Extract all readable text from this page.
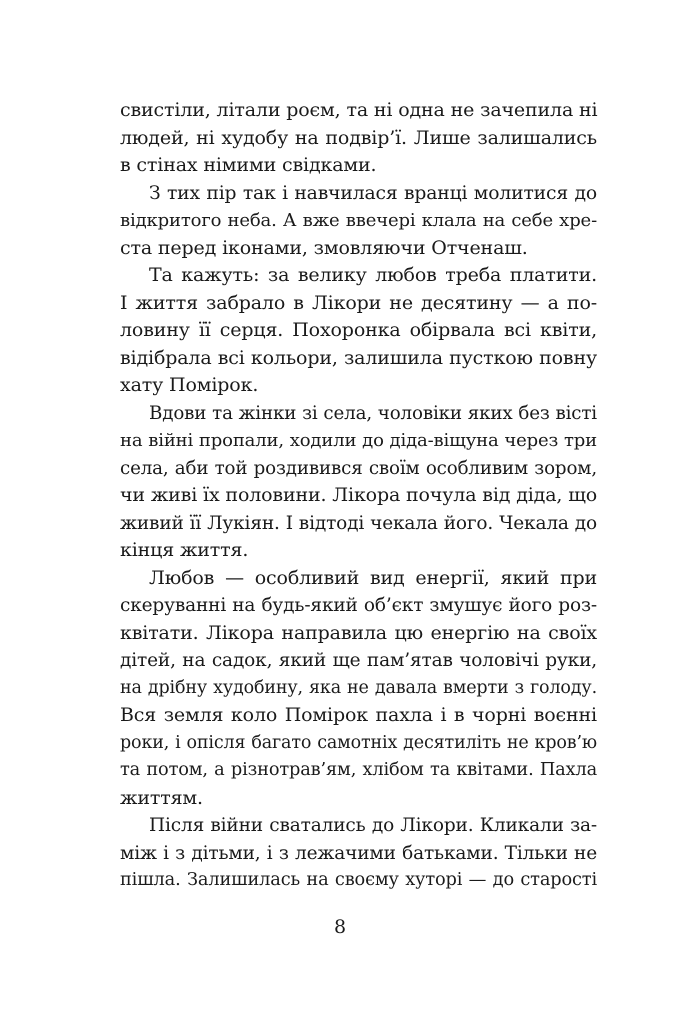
свистіли, літали роєм, та ні одна не зачепила ні
людей, ні худобу на подвір’ї. Лише залишались
в стінах німими свідками.
З тих пір так і навчилася вранці молитися до
відкритого неба. А вже ввечері клала на себе хре-
ста перед іконами, змовляючи Отченаш.
Та кажуть: за велику любов треба платити.
І життя забрало в Лікори не десятину — а по-
ловину її серця. Похоронка обірвала всі квіти,
відібрала всі кольори, залишила пусткою повну
хату Помірок.
Вдови та жінки зі села, чоловіки яких без вісті
на війні пропали, ходили до діда-віщуна через три
села, аби той роздивився своїм особливим зором,
чи живі їх половини. Лікора почула від діда, що
живий її Лукіян. І відтоді чекала його. Чекала до
кінця життя.
Любов — особливий вид енергії, який при
скеруванні на будь-який об’єкт змушує його роз-
квітати. Лікора направила цю енергію на своїх
дітей, на садок, який ще пам’ятав чоловічі руки,
на дрібну худобину, яка не давала вмерти з голоду.
Вся земля коло Помірок пахла і в чорні воєнні
роки, і опісля багато самотніх десятиліть не кров’ю
та потом, а різнотрав’ям, хлібом та квітами. Пахла
життям.
Після війни сватались до Лікори. Кликали за-
між і з дітьми, і з лежачими батьками. Тільки не
пішла. Залишилась на своєму хуторі — до старості
8
